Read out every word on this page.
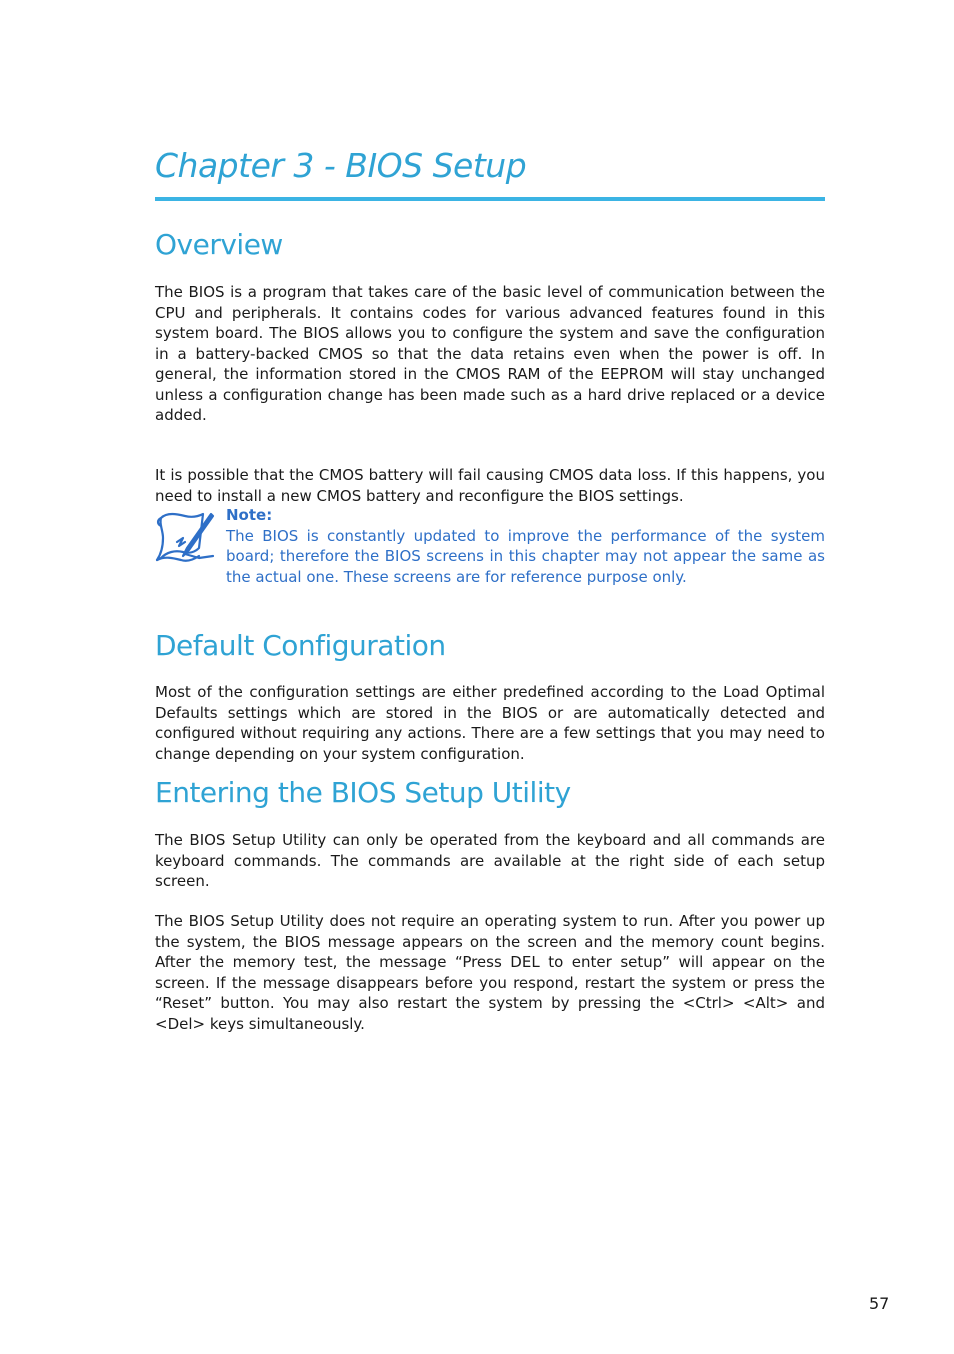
Chapter 3 - BIOS Setup
Overview

The BIOS is a program that takes care of the basic level of communication between the CPU and peripherals. It contains codes for various advanced features found in this system board. The BIOS allows you to configure the system and save the configuration in a battery-backed CMOS so that the data retains even when the power is off. In general, the information stored in the CMOS RAM of the EEPROM will stay unchanged unless a configuration change has been made such as a hard drive replaced or a device added.

It is possible that the CMOS battery will fail causing CMOS data loss. If this happens, you need to install a new CMOS battery and reconfigure the BIOS settings.

Note:
The BIOS is constantly updated to improve the performance of the system board; therefore the BIOS screens in this chapter may not appear the same as the actual one. These screens are for reference purpose only.
Default Configuration

Most of the configuration settings are either predefined according to the Load Optimal Defaults settings which are stored in the BIOS or are automatically detected and configured without requiring any actions. There are a few settings that you may need to change depending on your system configuration.

Entering the BIOS Setup Utility

The BIOS Setup Utility can only be operated from the keyboard and all commands are keyboard commands. The commands are available at the right side of each setup screen.

The BIOS Setup Utility does not require an operating system to run. After you power up the system, the BIOS message appears on the screen and the memory count begins. After the memory test, the message “Press DEL to enter setup” will appear on the screen. If the message disappears before you respond, restart the system or press the “Reset” button. You may also restart the system by pressing the <Ctrl> <Alt> and <Del> keys simultaneously.

57
